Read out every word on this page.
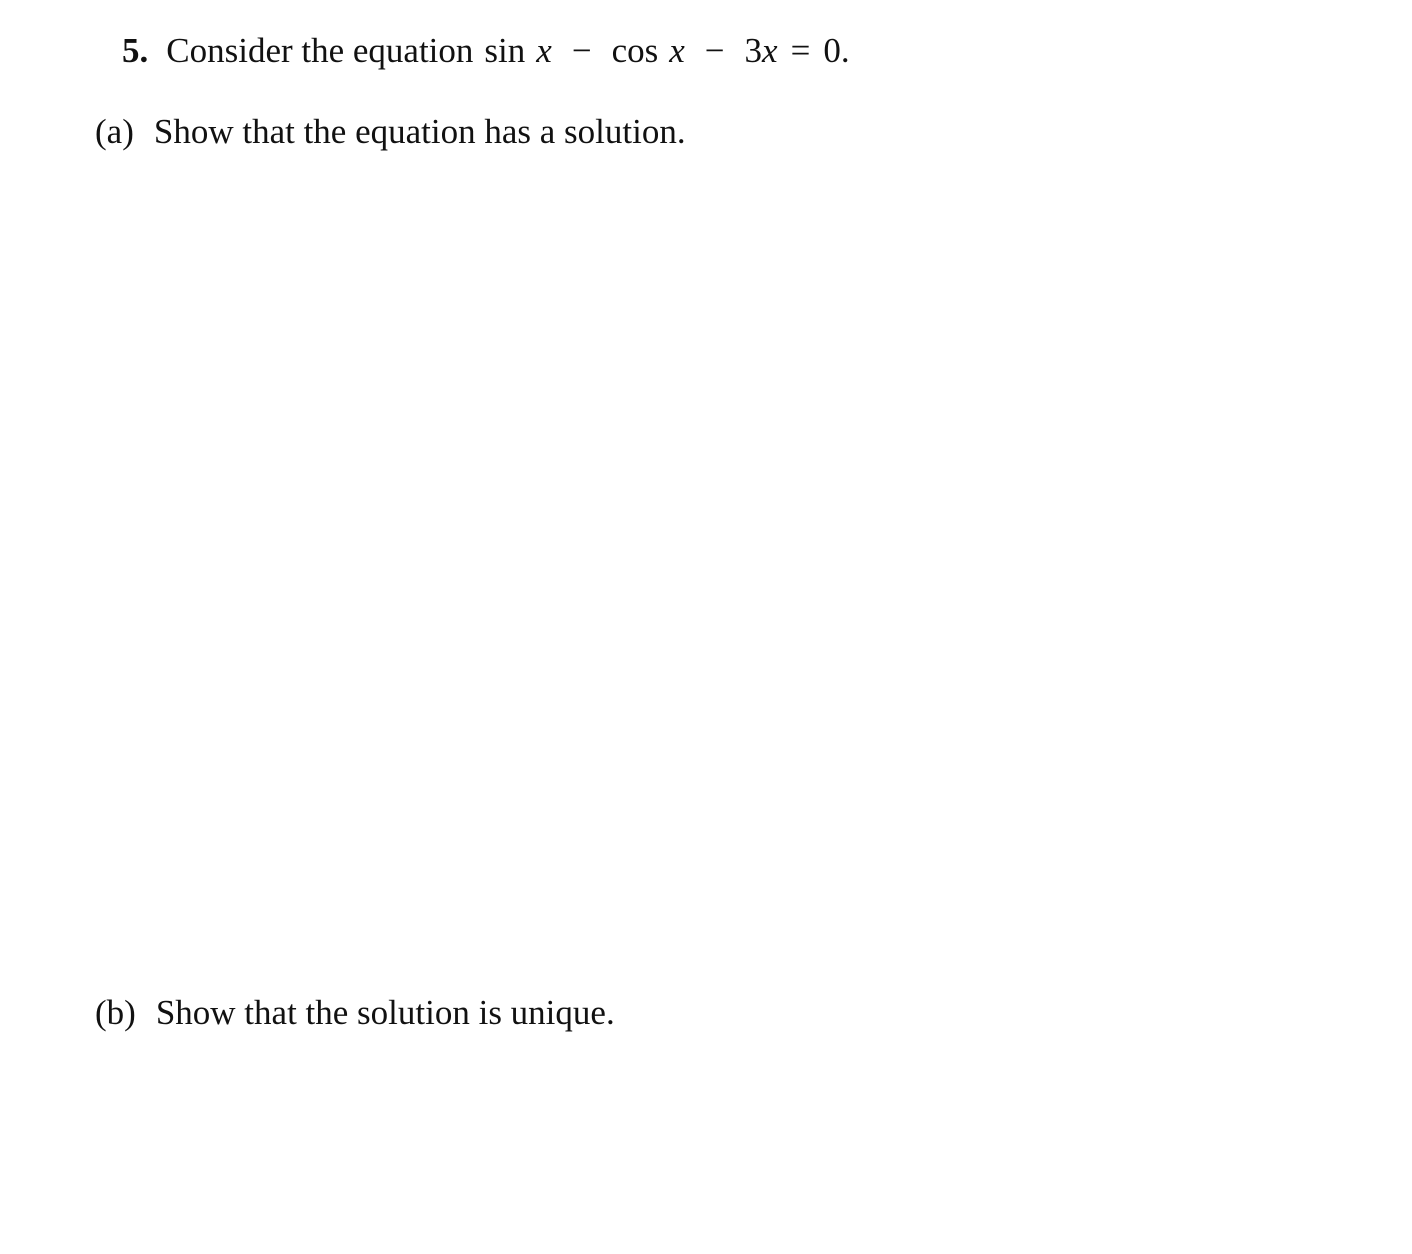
5. Consider the equation sin x − cos x − 3x = 0.
(a) Show that the equation has a solution.
(b) Show that the solution is unique.
